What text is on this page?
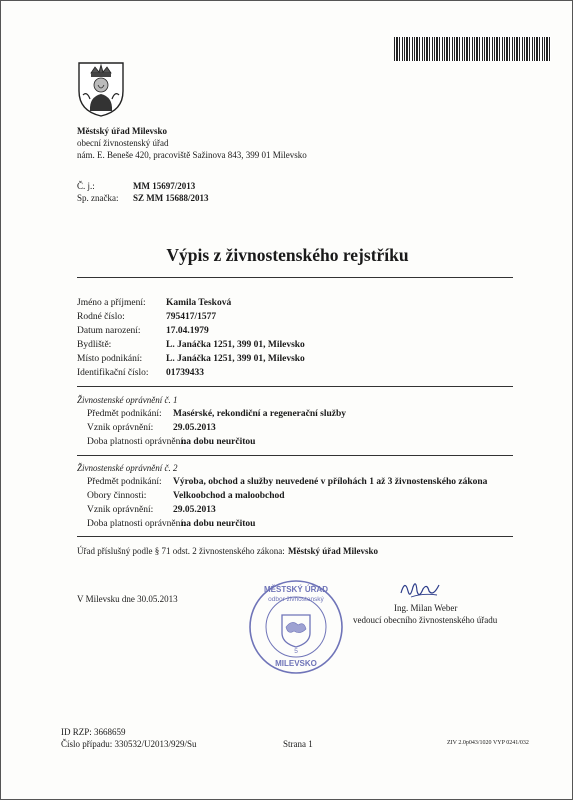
Městský úřad Milevsko
obecní živnostenský úřad
nám. E. Beneše 420, pracoviště Sažinova 843, 399 01 Milevsko
Č. j.:	MM 15697/2013
Sp. značka: SZ MM 15688/2013
Výpis z živnostenského rejstříku
Jméno a příjmení: Kamila Tesková
Rodné číslo:	795417/1577
Datum narození:	17.04.1979
Bydliště:	L. Janáčka 1251, 399 01, Milevsko
Místo podnikání:	L. Janáčka 1251, 399 01, Milevsko
Identifikační číslo: 01739433
Živnostenské oprávnění č. 1
Předmět podnikání: Masérské, rekondiční a regenerační služby
Vznik oprávnění: 29.05.2013
Doba platnosti oprávnění:
na dobu neurčitou
Živnostenské oprávnění č. 2
Předmět podnikání: Výroba, obchod a služby neuvedené v přílohách 1 až 3 živnostenského zákona
Obory činnosti:	Velkoobchod a maloobchod
Vznik oprávnění: 29.05.2013
Doba platnosti oprávnění:
na dobu neurčitou
Úřad příslušný podle § 71 odst. 2 živnostenského zákona: Městský úřad Milevsko
V Milevsku dne 30.05.2013
MĚSTSKÝ ÚŘAD
odbor živnostenský
5
MILEVSKO
Ing. Milan Weber
vedoucí obecního živnostenského úřadu
ID RZP: 3668659
Číslo případu: 330532/U2013/929/Su	Strana 1	ZIV 2.0p043/1020 VYP 0241/032
